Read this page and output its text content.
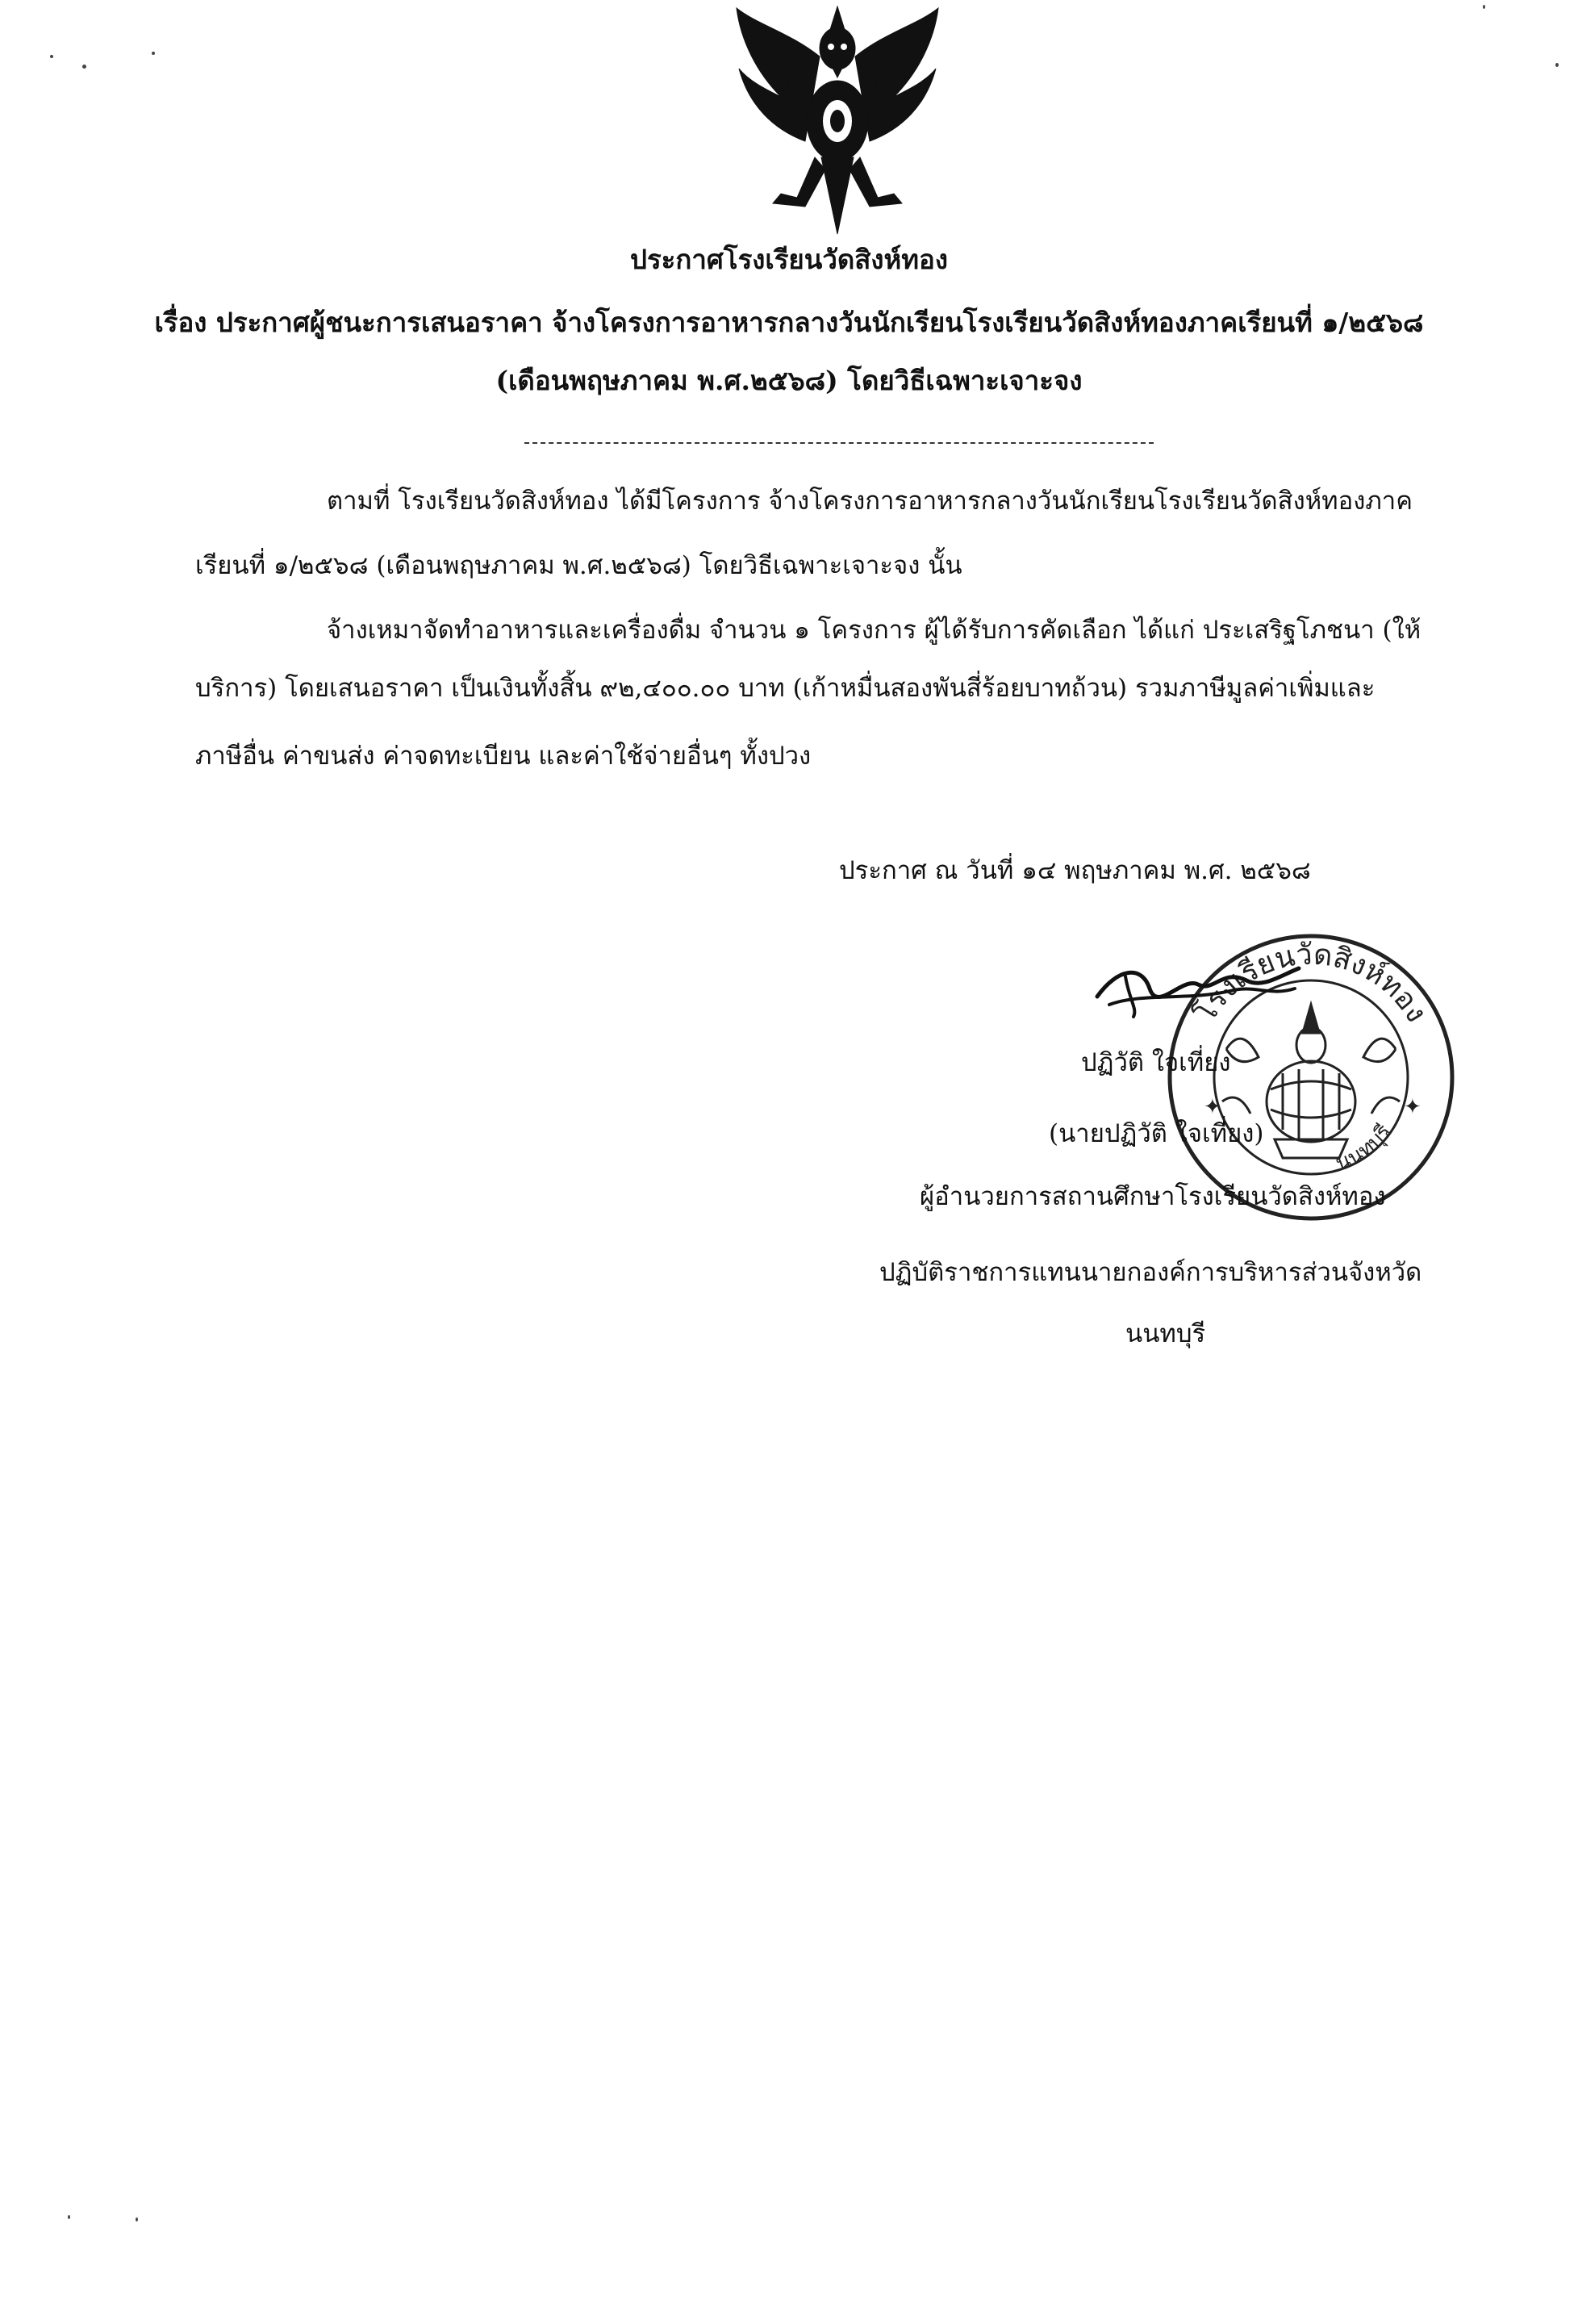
ประกาศโรงเรียนวัดสิงห์ทอง
เรื่อง ประกาศผู้ชนะการเสนอราคา จ้างโครงการอาหารกลางวันนักเรียนโรงเรียนวัดสิงห์ทองภาคเรียนที่ ๑/๒๕๖๘
(เดือนพฤษภาคม พ.ศ.๒๕๖๘) โดยวิธีเฉพาะเจาะจง
ตามที่ โรงเรียนวัดสิงห์ทอง ได้มีโครงการ จ้างโครงการอาหารกลางวันนักเรียนโรงเรียนวัดสิงห์ทองภาค
เรียนที่ ๑/๒๕๖๘ (เดือนพฤษภาคม พ.ศ.๒๕๖๘) โดยวิธีเฉพาะเจาะจง นั้น
จ้างเหมาจัดทำอาหารและเครื่องดื่ม จำนวน ๑ โครงการ ผู้ได้รับการคัดเลือก ได้แก่ ประเสริฐโภชนา (ให้
บริการ) โดยเสนอราคา เป็นเงินทั้งสิ้น ๙๒,๔๐๐.๐๐ บาท (เก้าหมื่นสองพันสี่ร้อยบาทถ้วน) รวมภาษีมูลค่าเพิ่มและ
ภาษีอื่น ค่าขนส่ง ค่าจดทะเบียน และค่าใช้จ่ายอื่นๆ ทั้งปวง
ประกาศ ณ วันที่ ๑๔ พฤษภาคม พ.ศ. ๒๕๖๘
โรงเรียนวัดสิงห์ทอง
นนทบุรี
✦	✦
ปฏิวัติ ใจเที่ยง
(นายปฏิวัติ ใจเที่ยง)
ผู้อำนวยการสถานศึกษาโรงเรียนวัดสิงห์ทอง
ปฏิบัติราชการแทนนายกองค์การบริหารส่วนจังหวัด
นนทบุรี
